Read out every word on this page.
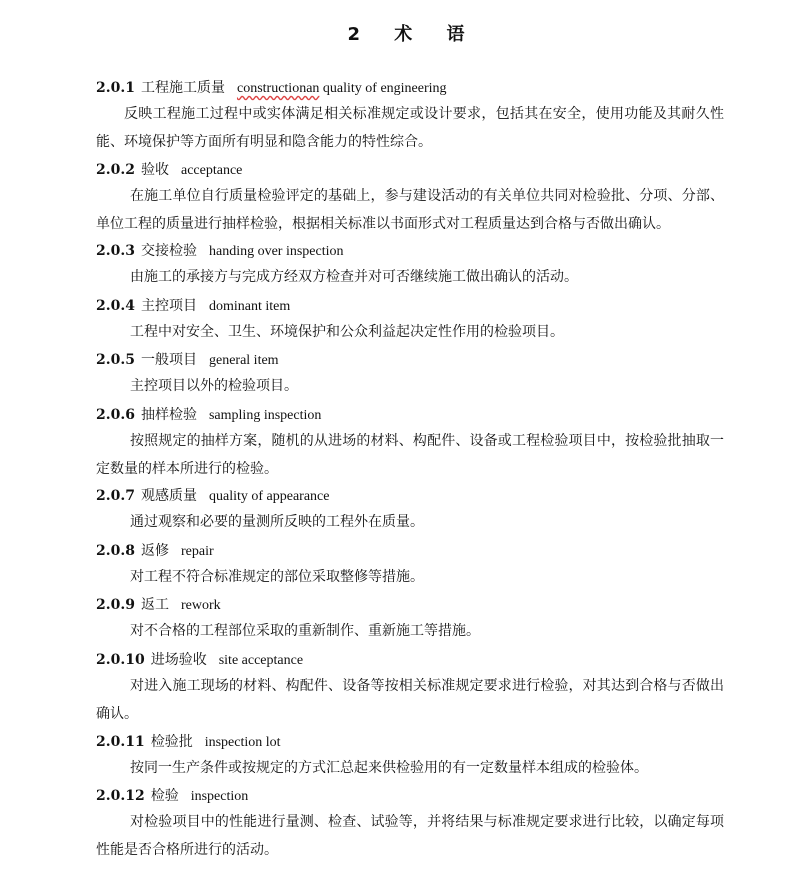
2 术 语
2.0.1 工程施工质量 constructionan quality of engineering
反映工程施工过程中或实体满足相关标准规定或设计要求，包括其在安全，使用功能及其耐久性能、环境保护等方面所有明显和隐含能力的特性综合。
2.0.2 验收 acceptance
在施工单位自行质量检验评定的基础上，参与建设活动的有关单位共同对检验批、分项、分部、单位工程的质量进行抽样检验，根据相关标准以书面形式对工程质量达到合格与否做出确认。
2.0.3 交接检验 handing over inspection
由施工的承接方与完成方经双方检查并对可否继续施工做出确认的活动。
2.0.4 主控项目 dominant item
工程中对安全、卫生、环境保护和公众利益起决定性作用的检验项目。
2.0.5 一般项目 general item
主控项目以外的检验项目。
2.0.6 抽样检验 sampling inspection
按照规定的抽样方案，随机的从进场的材料、构配件、设备或工程检验项目中，按检验批抽取一定数量的样本所进行的检验。
2.0.7 观感质量 quality of appearance
通过观察和必要的量测所反映的工程外在质量。
2.0.8 返修 repair
对工程不符合标准规定的部位采取整修等措施。
2.0.9 返工 rework
对不合格的工程部位采取的重新制作、重新施工等措施。
2.0.10 进场验收 site acceptance
对进入施工现场的材料、构配件、设备等按相关标准规定要求进行检验，对其达到合格与否做出确认。
2.0.11 检验批 inspection lot
按同一生产条件或按规定的方式汇总起来供检验用的有一定数量样本组成的检验体。
2.0.12 检验 inspection
对检验项目中的性能进行量测、检查、试验等，并将结果与标准规定要求进行比较，以确定每项性能是否合格所进行的活动。
